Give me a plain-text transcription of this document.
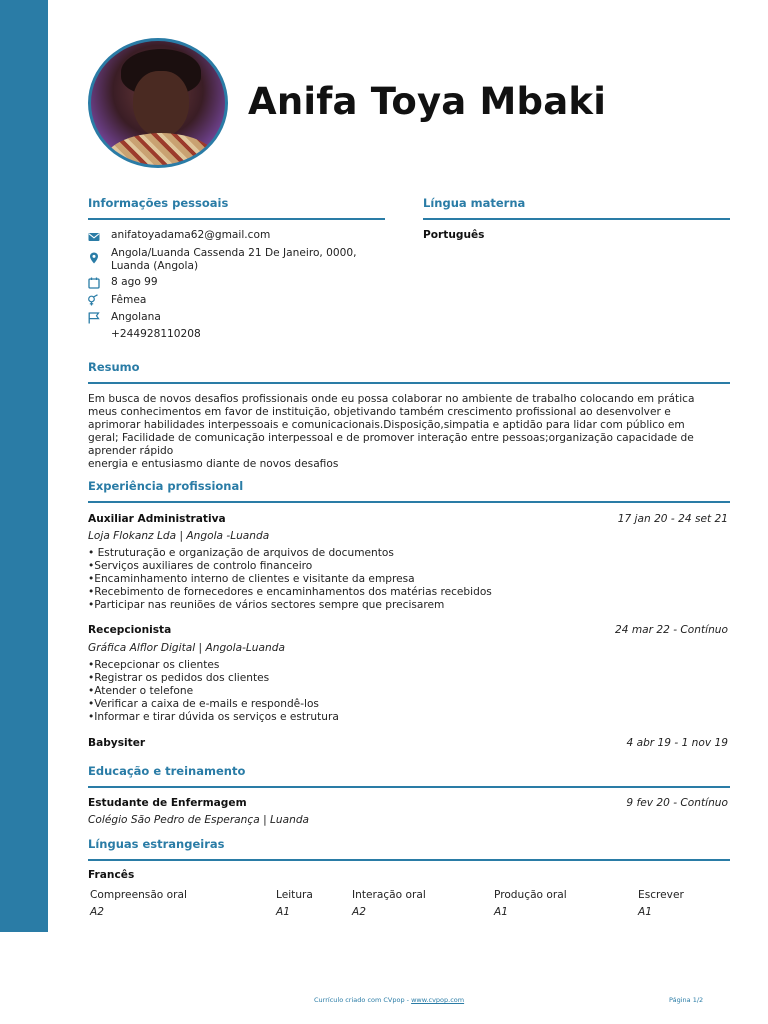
Anifa Toya Mbaki
Informações pessoais
anifatoyadama62@gmail.com
Angola/Luanda Cassenda 21 De Janeiro, 0000,
Luanda (Angola)
8 ago 99
Fêmea
Angolana
+244928110208
Língua materna
Português
Resumo
Em busca de novos desafios profissionais onde eu possa colaborar no ambiente de trabalho colocando em prática
meus conhecimentos em favor de instituição, objetivando também crescimento profissional ao desenvolver e
aprimorar habilidades interpessoais e comunicacionais.Disposição,simpatia e aptidão para lidar com público em
geral; Facilidade de comunicação interpessoal e de promover interação entre pessoas;organização capacidade de
aprender rápido
energia e entusiasmo diante de novos desafios
Experiência profissional
Auxiliar Administrativa	17 jan 20 - 24 set 21
Loja Flokanz Lda | Angola -Luanda
• Estruturação e organização de arquivos de documentos
•Serviços auxiliares de controlo financeiro
•Encaminhamento interno de clientes e visitante da empresa
•Recebimento de fornecedores e encaminhamentos dos matérias recebidos
•Participar nas reuniões de vários sectores sempre que precisarem
Recepcionista	24 mar 22 - Contínuo
Gráfica Alflor Digital | Angola-Luanda
•Recepcionar os clientes
•Registrar os pedidos dos clientes
•Atender o telefone
•Verificar a caixa de e-mails e respondê-los
•Informar e tirar dúvida os serviços e estrutura
Babysiter	4 abr 19 - 1 nov 19
Educação e treinamento
Estudante de Enfermagem	9 fev 20 - Contínuo
Colégio São Pedro de Esperança | Luanda
Línguas estrangeiras
Francês
Compreensão oral	Leitura	Interação oral	Produção oral	Escrever
A2	A1	A2	A1	A1
Currículo criado com CVpop - www.cvpop.com	Página 1/2
